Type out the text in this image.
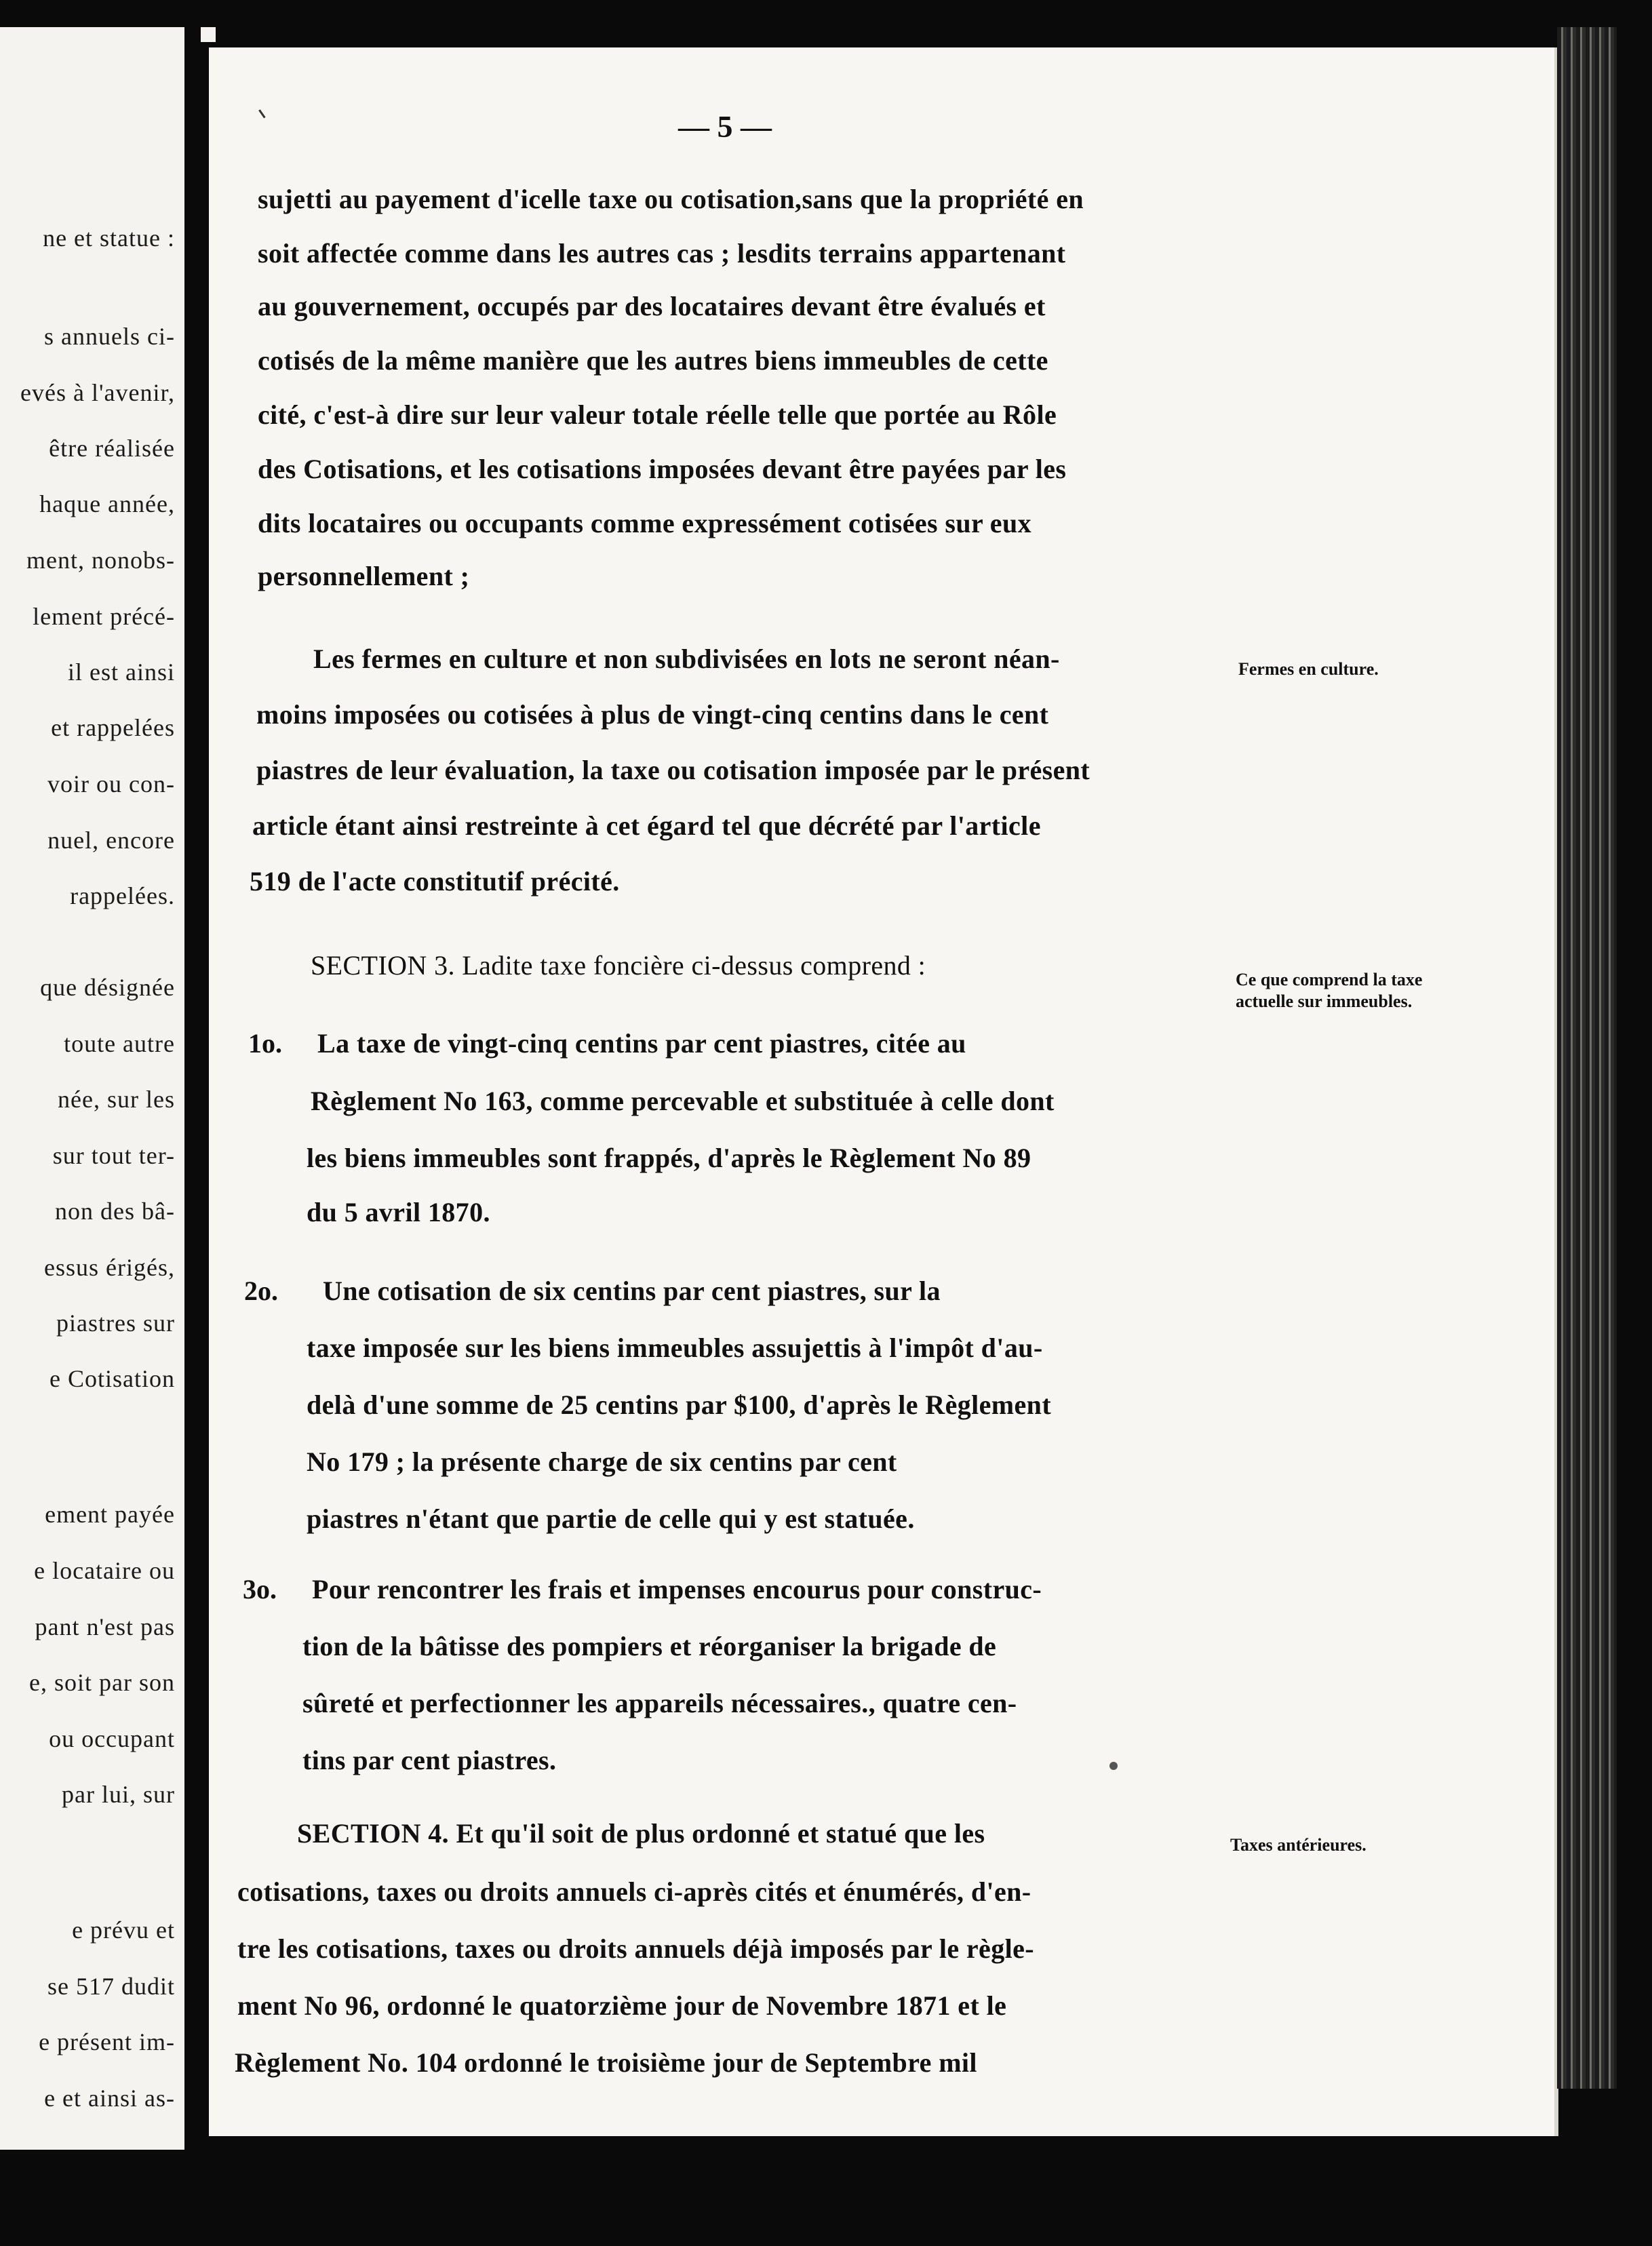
ne et statue :
s annuels ci-
evés à l'avenir,
être réalisée
haque année,
ment, nonobs-
lement précé-
il est ainsi
et rappelées
voir ou con-
nuel, encore
rappelées.
que désignée
toute autre
née, sur les
sur tout ter-
non des bâ-
essus érigés,
piastres sur
e Cotisation
ement payée
e locataire ou
pant n'est pas
e, soit par son
ou occupant
par lui, sur
e prévu et
se 517 dudit
e présent im-
e et ainsi as-
— 5 —
sujetti au payement d'icelle taxe ou cotisation,sans que la propriété en
soit affectée comme dans les autres cas ; lesdits terrains appartenant
au gouvernement, occupés par des locataires devant être évalués et
cotisés de la même manière que les autres biens immeubles de cette
cité, c'est-à dire sur leur valeur totale réelle telle que portée au Rôle
des Cotisations, et les cotisations imposées devant être payées par les
dits locataires ou occupants comme expressément cotisées sur eux
personnellement ;
Les fermes en culture et non subdivisées en lots ne seront néan-
moins imposées ou cotisées à plus de vingt-cinq centins dans le cent
piastres de leur évaluation, la taxe ou cotisation imposée par le présent
article étant ainsi restreinte à cet égard tel que décrété par l'article
519 de l'acte constitutif précité.
Fermes en culture.
SECTION 3. Ladite taxe foncière ci-dessus comprend :	Ce que comprend la taxe
actuelle sur immeubles.
1o. La taxe de vingt-cinq centins par cent piastres, citée au
Règlement No 163, comme percevable et substituée à celle dont
les biens immeubles sont frappés, d'après le Règlement No 89
du 5 avril 1870.
2o. Une cotisation de six centins par cent piastres, sur la
taxe imposée sur les biens immeubles assujettis à l'impôt d'au-
delà d'une somme de 25 centins par $100, d'après le Règlement
No 179 ; la présente charge de six centins par cent
piastres n'étant que partie de celle qui y est statuée.
3o. Pour rencontrer les frais et impenses encourus pour construc-
tion de la bâtisse des pompiers et réorganiser la brigade de
sûreté et perfectionner les appareils nécessaires., quatre cen-
tins par cent piastres.
SECTION 4. Et qu'il soit de plus ordonné et statué que les	Taxes antérieures.
cotisations, taxes ou droits annuels ci-après cités et énumérés, d'en-
tre les cotisations, taxes ou droits annuels déjà imposés par le règle-
ment No 96, ordonné le quatorzième jour de Novembre 1871 et le
Règlement No. 104 ordonné le troisième jour de Septembre mil
